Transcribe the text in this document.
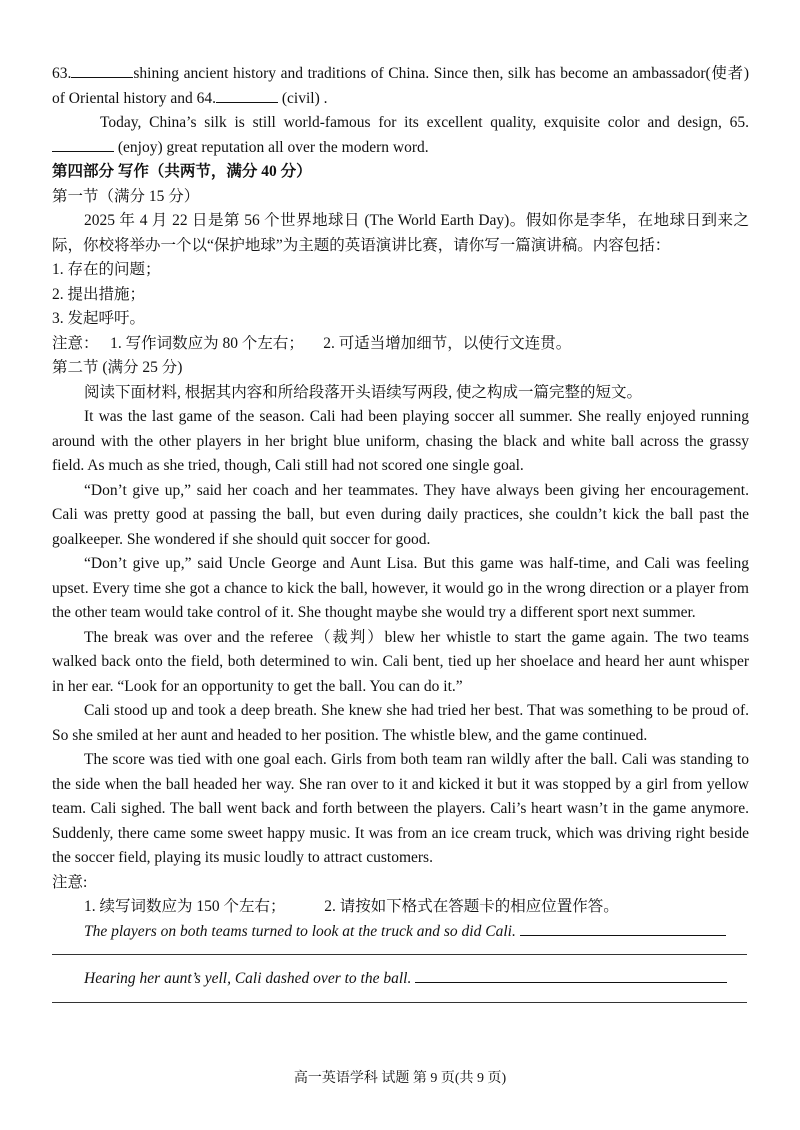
63.	shining ancient history and traditions of China. Since then, silk has become an ambassador(使者) of Oriental history and 64.	(civil) .

Today, China’s silk is still world-famous for its excellent quality, exquisite color and design, 65. (enjoy) great reputation all over the modern word.

第四部分 写作（共两节，满分 40 分）

第一节（满分 15 分）

2025 年 4 月 22 日是第 56 个世界地球日 (The World Earth Day)。假如你是李华，在地球日到来之际，你校将举办一个以“保护地球”为主题的英语演讲比赛，请你写一篇演讲稿。内容包括：

1. 存在的问题；

2. 提出措施；

3. 发起呼吁。

注意：   1. 写作词数应为 80 个左右；     2. 可适当增加细节，以使行文连贯。

第二节 (满分 25 分)

阅读下面材料, 根据其内容和所给段落开头语续写两段, 使之构成一篇完整的短文。

It was the last game of the season. Cali had been playing soccer all summer. She really enjoyed running around with the other players in her bright blue uniform, chasing the black and white ball across the grassy field. As much as she tried, though, Cali still had not scored one single goal.

“Don’t give up,” said her coach and her teammates. They have always been giving her encouragement. Cali was pretty good at passing the ball, but even during daily practices, she couldn’t kick the ball past the goalkeeper. She wondered if she should quit soccer for good.

“Don’t give up,” said Uncle George and Aunt Lisa. But this game was half-time, and Cali was feeling upset. Every time she got a chance to kick the ball, however, it would go in the wrong direction or a player from the other team would take control of it. She thought maybe she would try a different sport next summer.

The break was over and the referee（裁判）blew her whistle to start the game again. The two teams walked back onto the field, both determined to win. Cali bent, tied up her shoelace and heard her aunt whisper in her ear. “Look for an opportunity to get the ball. You can do it.”

Cali stood up and took a deep breath. She knew she had tried her best. That was something to be proud of. So she smiled at her aunt and headed to her position. The whistle blew, and the game continued.

The score was tied with one goal each. Girls from both team ran wildly after the ball. Cali was standing to the side when the ball headed her way. She ran over to it and kicked it but it was stopped by a girl from yellow team. Cali sighed. The ball went back and forth between the players. Cali’s heart wasn’t in the game anymore. Suddenly, there came some sweet happy music. It was from an ice cream truck, which was driving right beside the soccer field, playing its music loudly to attract customers.

注意:

1. 续写词数应为 150 个左右；          2. 请按如下格式在答题卡的相应位置作答。

The players on both teams turned to look at the truck and so did Cali.
Hearing her aunt’s yell, Cali dashed over to the ball.
高一英语学科 试题 第 9 页(共 9 页)
